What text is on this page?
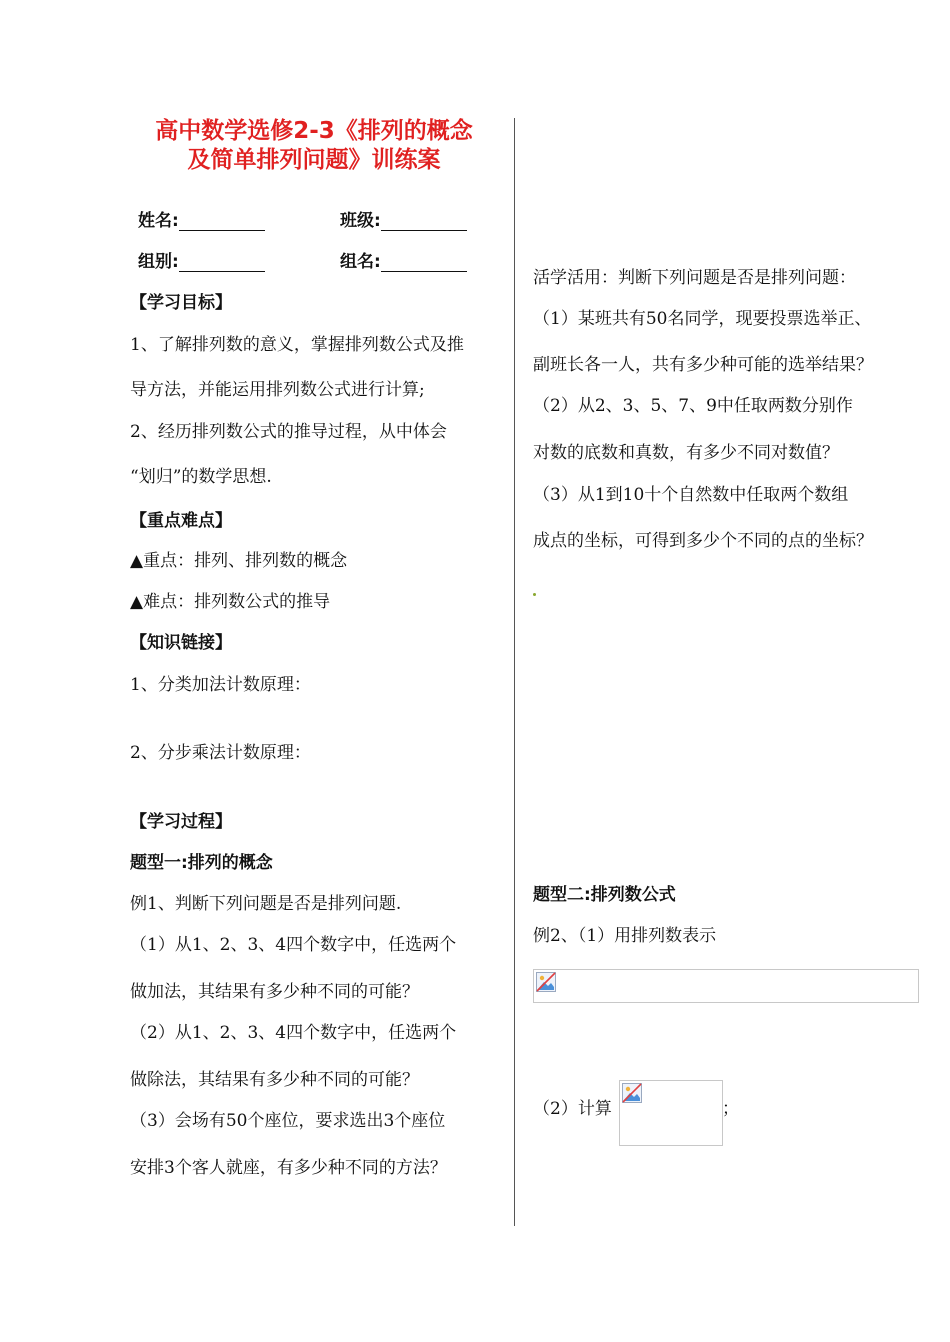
高中数学选修2-3《排列的概念
及简单排列问题》训练案
姓名:	班级:
组别:	组名:
【学习目标】
1、了解排列数的意义，掌握排列数公式及推
导方法，并能运用排列数公式进行计算;
2、经历排列数公式的推导过程，从中体会
“划归”的数学思想.
【重点难点】
▲重点：排列、排列数的概念
▲难点：排列数公式的推导
【知识链接】
1、分类加法计数原理：
2、分步乘法计数原理：
【学习过程】
题型一:排列的概念
例1、判断下列问题是否是排列问题.
（1）从1、2、3、4四个数字中，任选两个
做加法，其结果有多少种不同的可能？
（2）从1、2、3、4四个数字中，任选两个
做除法，其结果有多少种不同的可能？
（3）会场有50个座位，要求选出3个座位
安排3个客人就座，有多少种不同的方法？
活学活用：判断下列问题是否是排列问题：
（1）某班共有50名同学，现要投票选举正、
副班长各一人，共有多少种可能的选举结果？
（2）从2、3、5、7、9中任取两数分别作
对数的底数和真数，有多少不同对数值？
（3）从1到10十个自然数中任取两个数组
成点的坐标，可得到多少个不同的点的坐标？
题型二:排列数公式
例2、（1）用排列数表示
（2）计算	；
